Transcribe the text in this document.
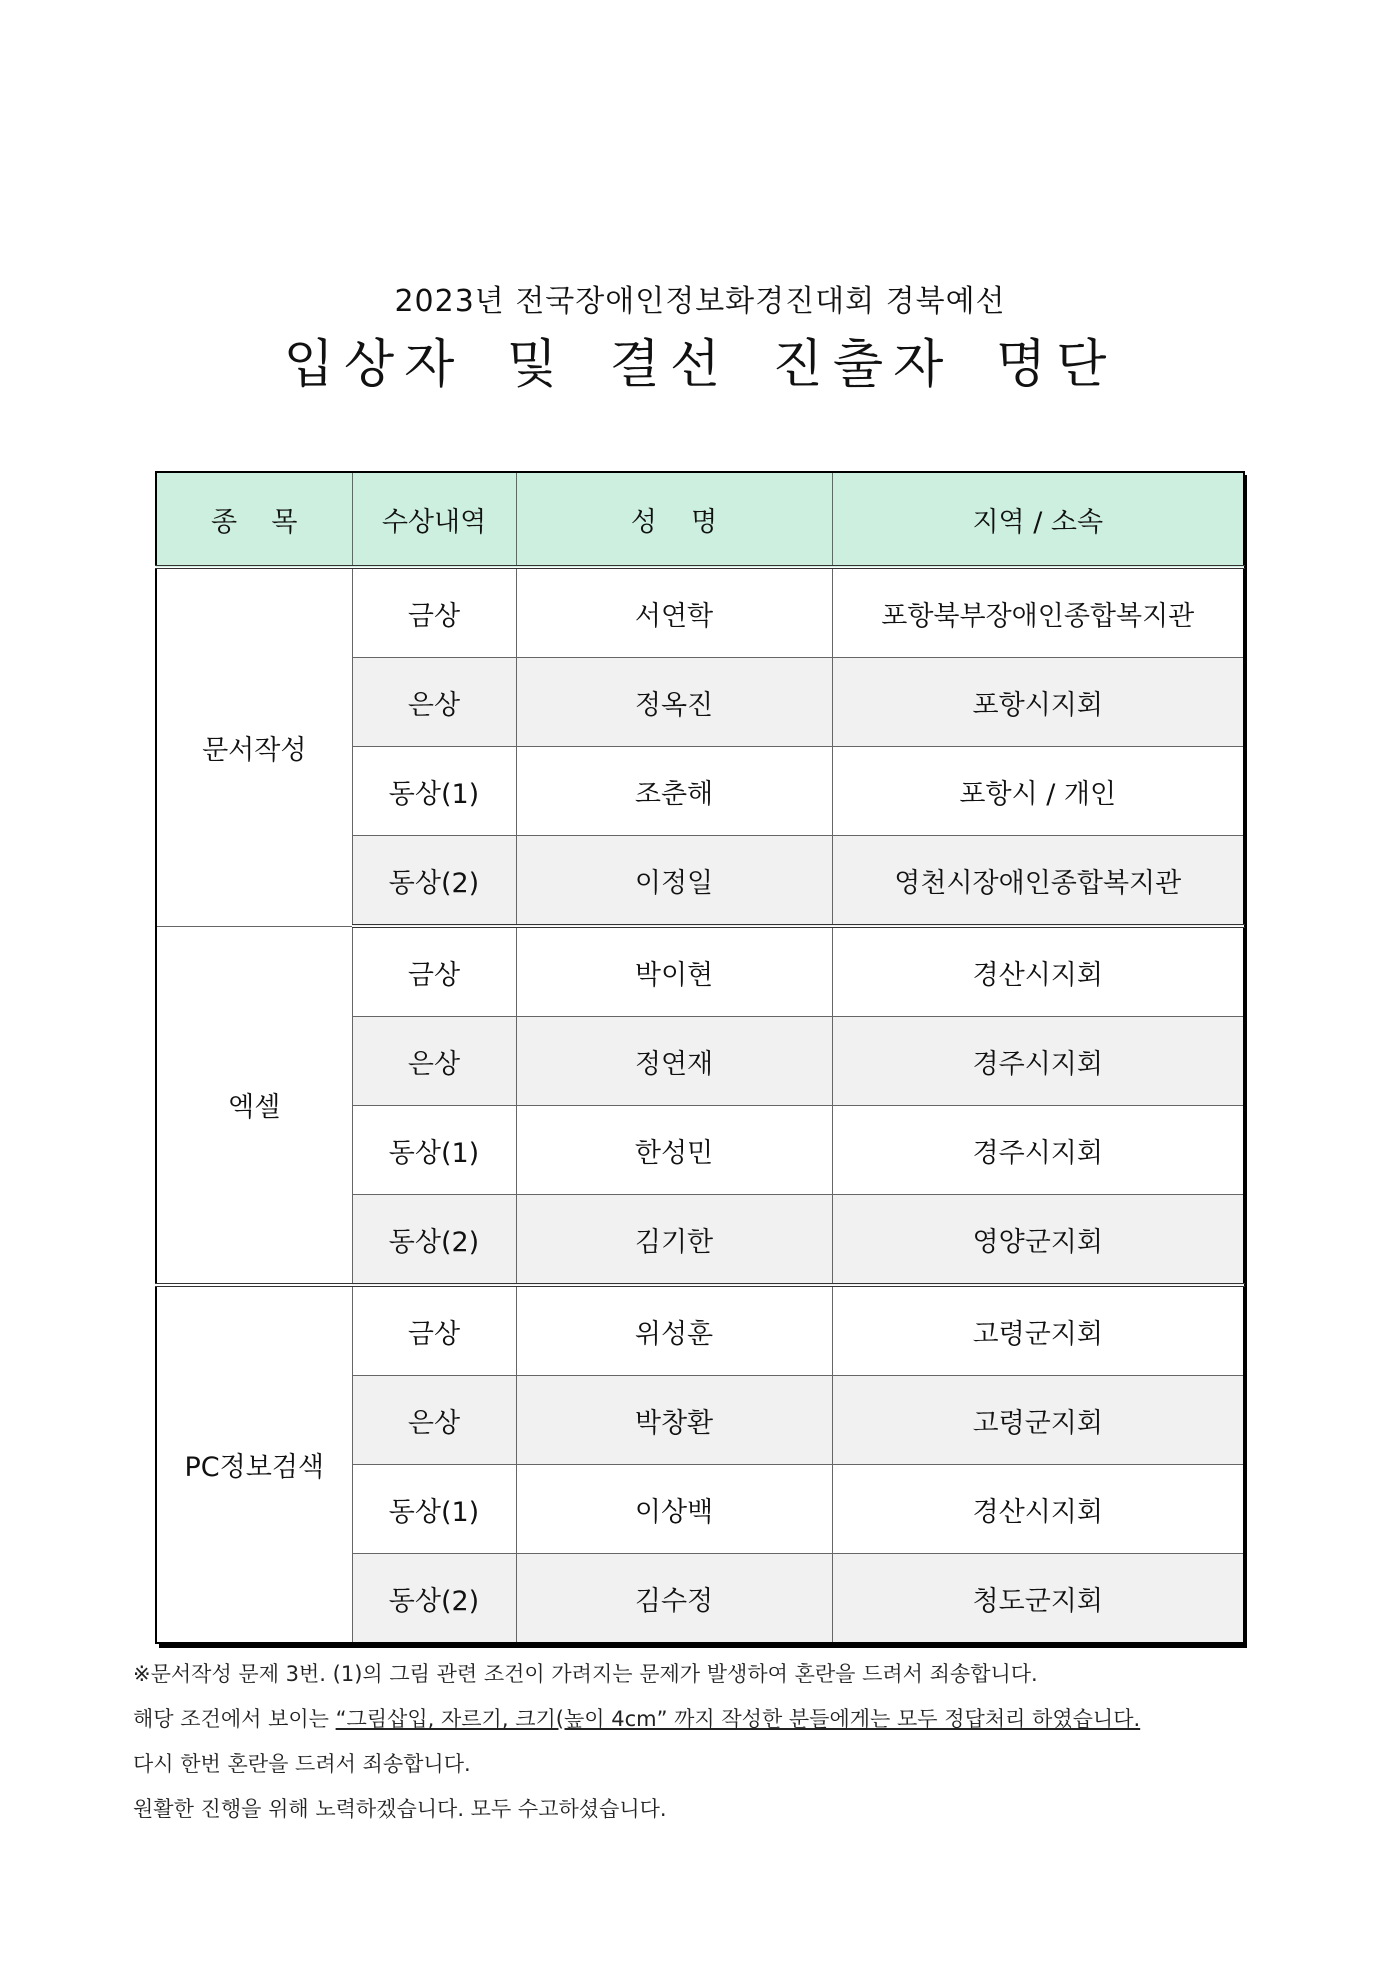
2023년 전국장애인정보화경진대회 경북예선
입상자 및 결선 진출자 명단
종    목	수상내역	성    명	지역 / 소속
문서작성	금상	서연학	포항북부장애인종합복지관
	은상	정옥진	포항시지회
	동상(1)	조춘해	포항시 / 개인
	동상(2)	이정일	영천시장애인종합복지관
엑셀	금상	박이현	경산시지회
	은상	정연재	경주시지회
	동상(1)	한성민	경주시지회
	동상(2)	김기한	영양군지회
PC정보검색	금상	위성훈	고령군지회
	은상	박창환	고령군지회
	동상(1)	이상백	경산시지회
	동상(2)	김수정	청도군지회

※문서작성 문제 3번. (1)의 그림 관련 조건이 가려지는 문제가 발생하여 혼란을 드려서 죄송합니다.

해당 조건에서 보이는 “그림삽입, 자르기, 크기(높이 4cm” 까지 작성한 분들에게는 모두 정답처리 하였습니다.

다시 한번 혼란을 드려서 죄송합니다.

원활한 진행을 위해 노력하겠습니다. 모두 수고하셨습니다.
